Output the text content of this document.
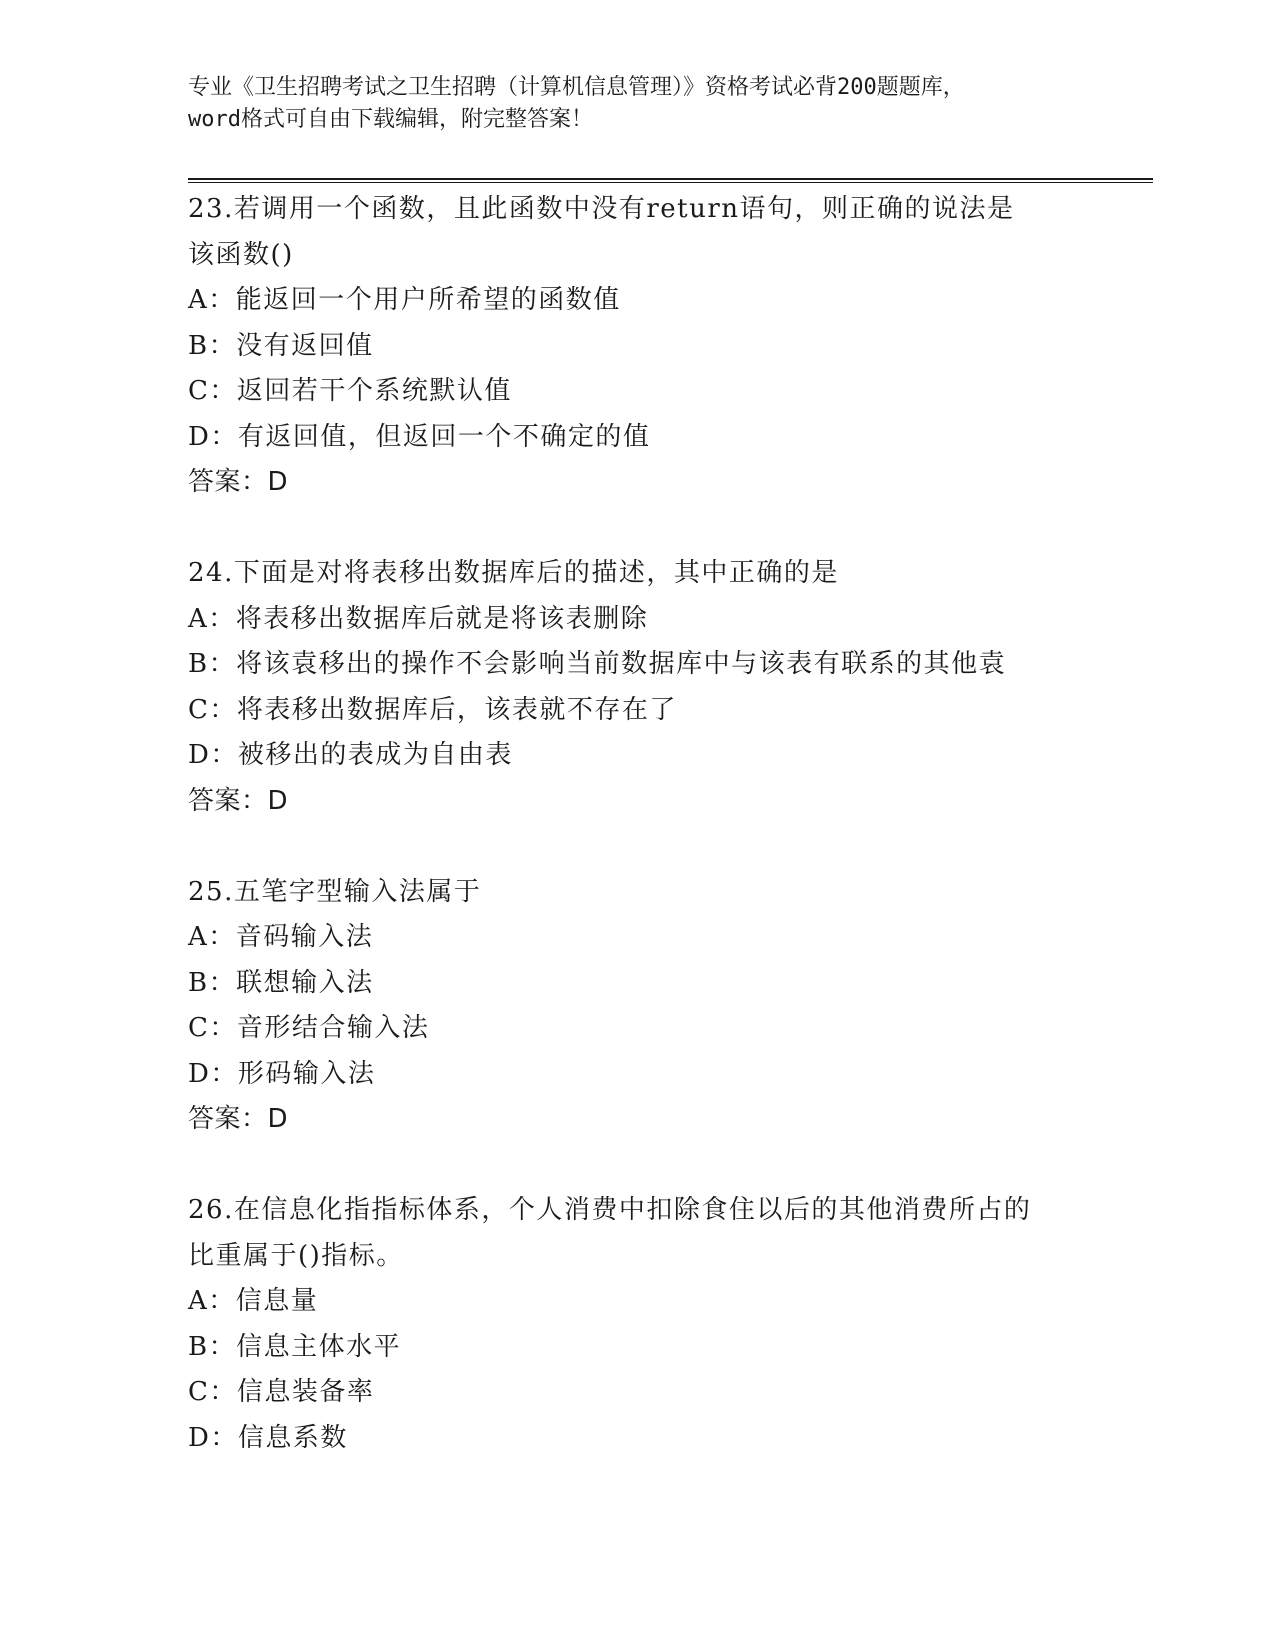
专业《卫生招聘考试之卫生招聘（计算机信息管理）》资格考试必背200题题库，
word格式可自由下载编辑，附完整答案！
23.若调用一个函数，且此函数中没有return语句，则正确的说法是
该函数()
A：能返回一个用户所希望的函数值
B：没有返回值
C：返回若干个系统默认值
D：有返回值，但返回一个不确定的值
答案：D
24.下面是对将表移出数据库后的描述，其中正确的是
A：将表移出数据库后就是将该表删除
B：将该袁移出的操作不会影响当前数据库中与该表有联系的其他袁
C：将表移出数据库后，该表就不存在了
D：被移出的表成为自由表
答案：D
25.五笔字型输入法属于
A：音码输入法
B：联想输入法
C：音形结合输入法
D：形码输入法
答案：D
26.在信息化指指标体系，个人消费中扣除食住以后的其他消费所占的
比重属于()指标。
A：信息量
B：信息主体水平
C：信息装备率
D：信息系数
